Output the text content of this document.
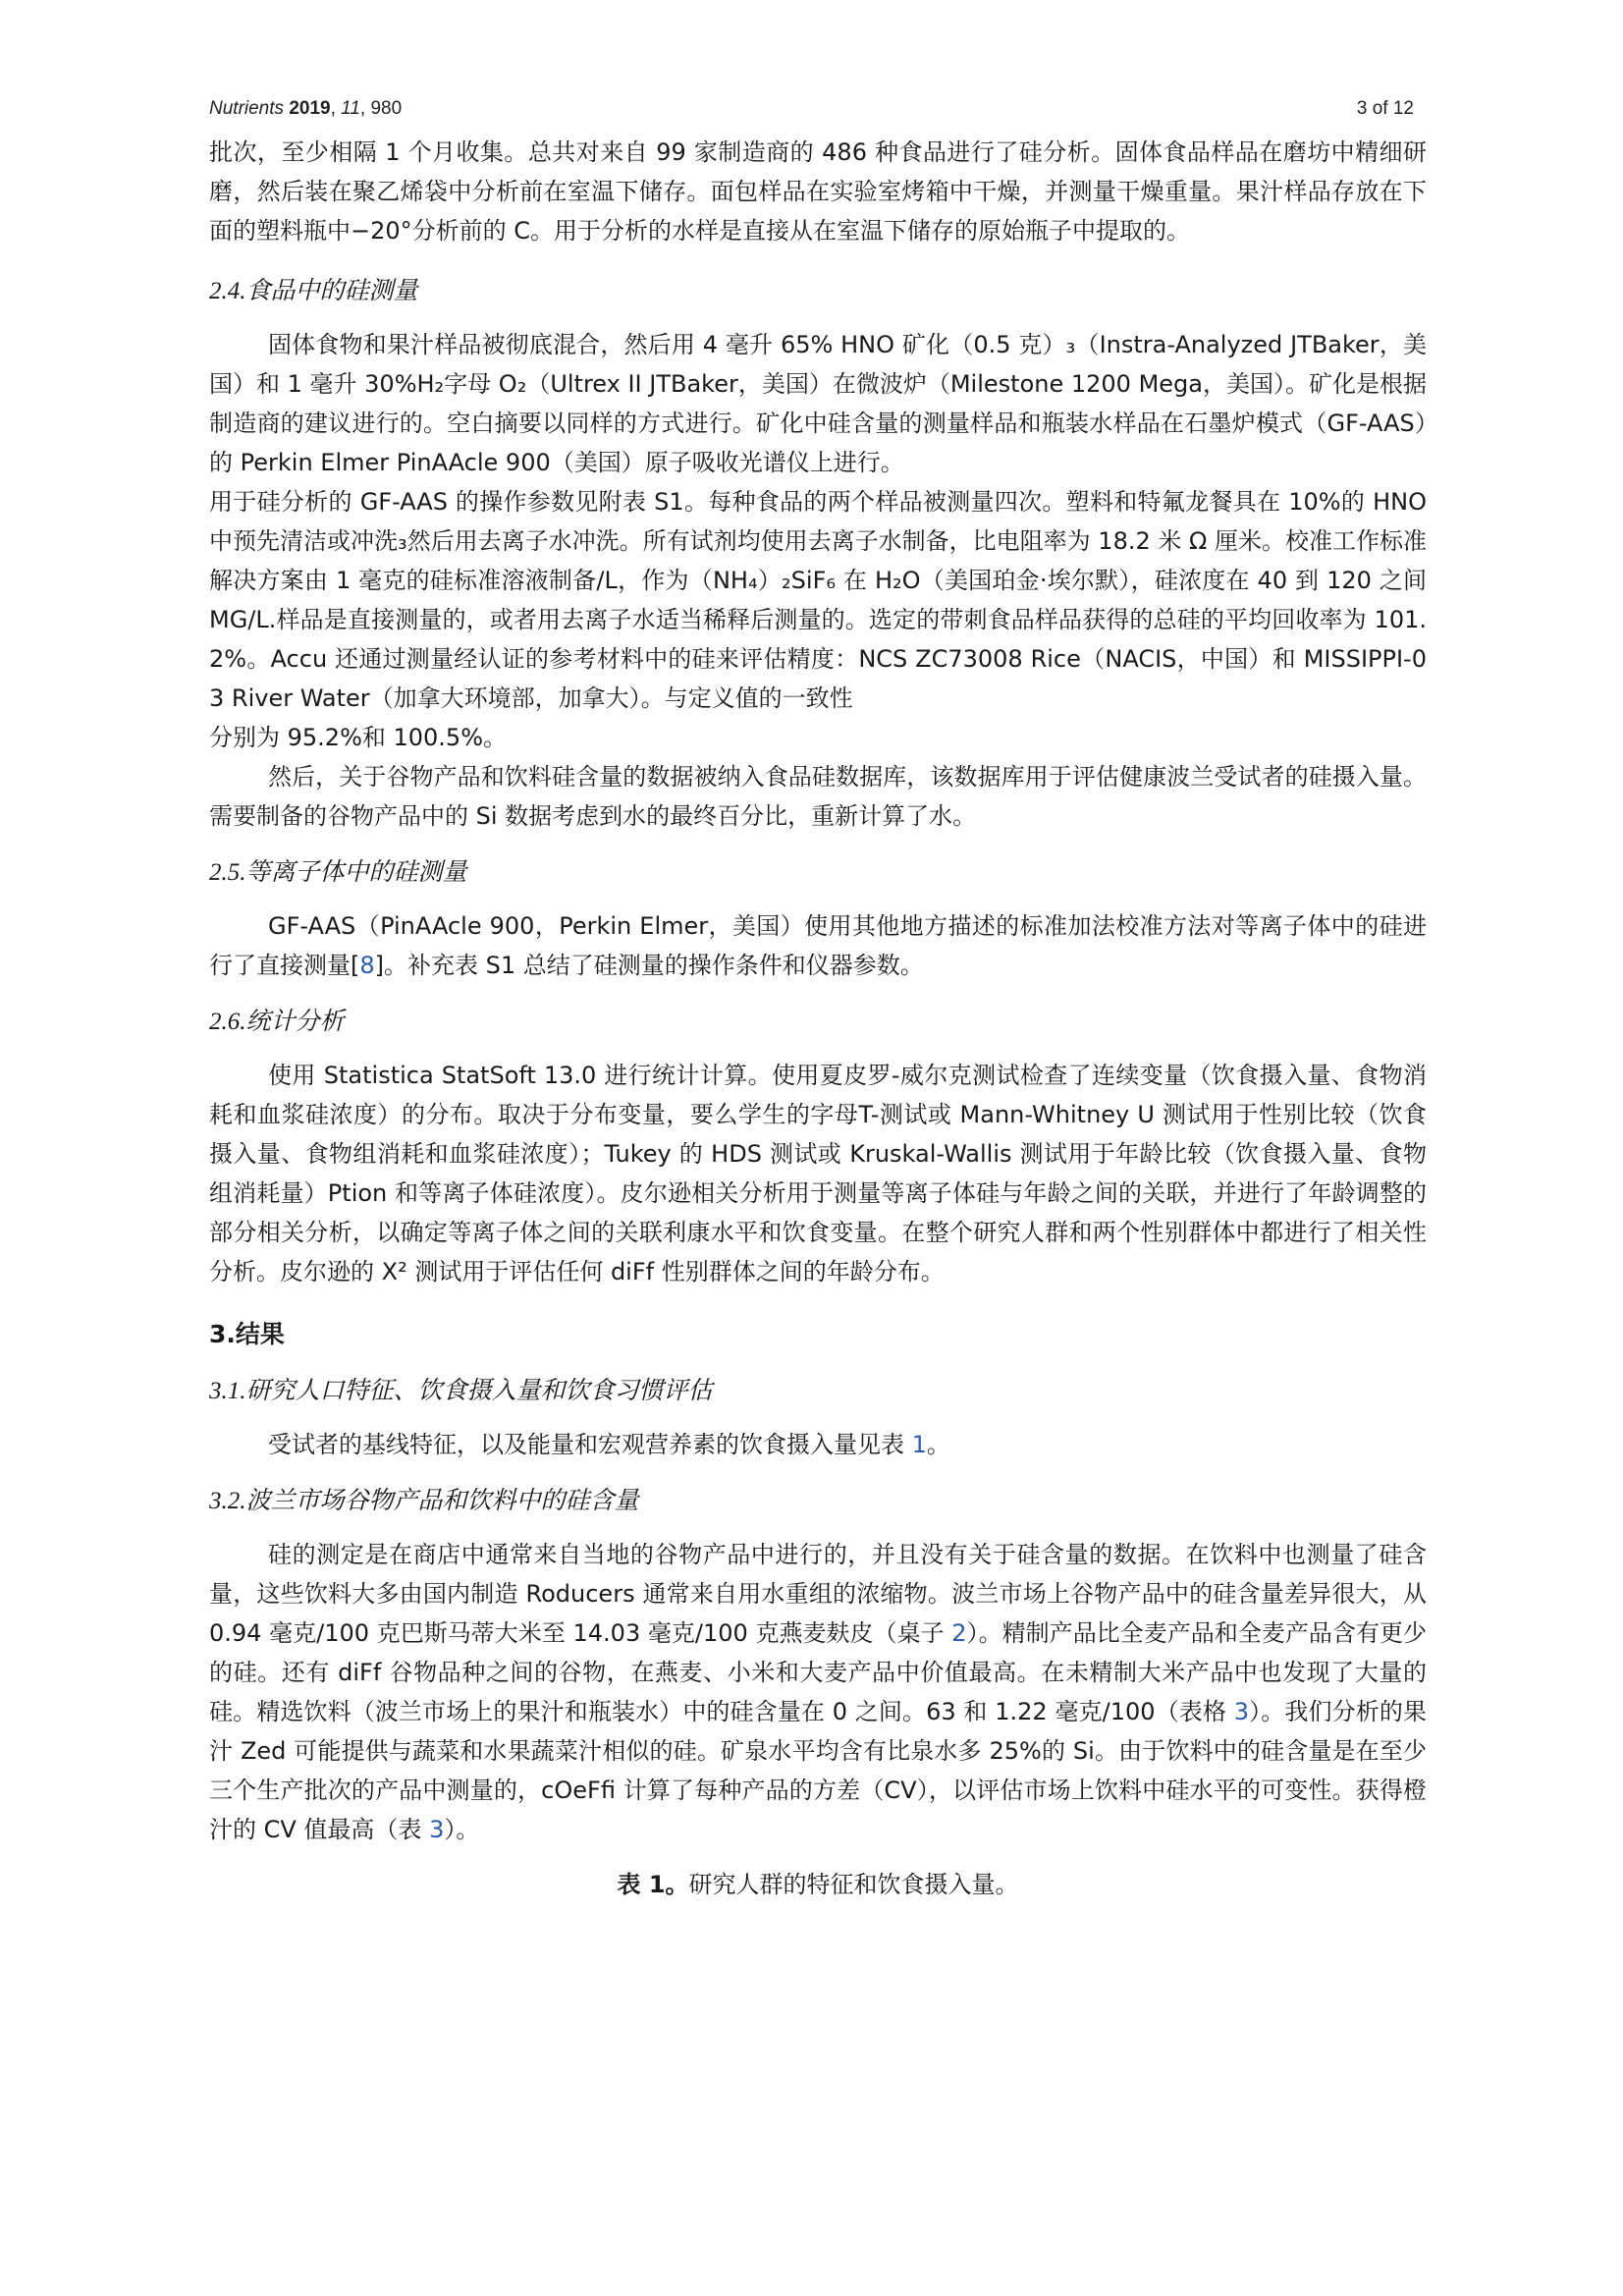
Nutrients 2019, 11, 980	3 of 12

批次，至少相隔 1 个月收集。总共对来自 99 家制造商的 486 种食品进行了硅分析。固体食品样品在磨坊中精细研磨，然后装在聚乙烯袋中分析前在室温下储存。面包样品在实验室烤箱中干燥，并测量干燥重量。果汁样品存放在下面的塑料瓶中−20°分析前的 C。用于分析的水样是直接从在室温下储存的原始瓶子中提取的。

2.4.食品中的硅测量

固体食物和果汁样品被彻底混合，然后用 4 毫升 65% HNO 矿化（0.5 克）₃（Instra-Analyzed JTBaker，美国）和 1 毫升 30%H₂字母 O₂（Ultrex II JTBaker，美国）在微波炉（Milestone 1200 Mega，美国）。矿化是根据制造商的建议进行的。空白摘要以同样的方式进行。矿化中硅含量的测量样品和瓶装水样品在石墨炉模式（GF-AAS）的 Perkin Elmer PinAAcle 900（美国）原子吸收光谱仪上进行。

用于硅分析的 GF-AAS 的操作参数见附表 S1。每种食品的两个样品被测量四次。塑料和特氟龙餐具在 10%的 HNO 中预先清洁或冲洗₃然后用去离子水冲洗。所有试剂均使用去离子水制备，比电阻率为 18.2 米 Ω 厘米。校准工作标准解决方案由 1 毫克的硅标准溶液制备/L，作为（NH₄）₂SiF₆ 在 H₂O（美国珀金·埃尔默），硅浓度在 40 到 120 之间 MG/L.样品是直接测量的，或者用去离子水适当稀释后测量的。选定的带刺食品样品获得的总硅的平均回收率为 101.2%。Accu 还通过测量经认证的参考材料中的硅来评估精度：NCS ZC73008 Rice（NACIS，中国）和 MISSIPPI-03 River Water（加拿大环境部，加拿大）。与定义值的一致性

分别为 95.2%和 100.5%。

然后，关于谷物产品和饮料硅含量的数据被纳入食品硅数据库，该数据库用于评估健康波兰受试者的硅摄入量。需要制备的谷物产品中的 Si 数据考虑到水的最终百分比，重新计算了水。

2.5.等离子体中的硅测量

GF-AAS（PinAAcle 900，Perkin Elmer，美国）使用其他地方描述的标准加法校准方法对等离子体中的硅进行了直接测量[8]。补充表 S1 总结了硅测量的操作条件和仪器参数。

2.6.统计分析

使用 Statistica StatSoft 13.0 进行统计计算。使用夏皮罗-威尔克测试检查了连续变量（饮食摄入量、食物消耗和血浆硅浓度）的分布。取决于分布变量，要么学生的字母T-测试或 Mann-Whitney U 测试用于性别比较（饮食摄入量、食物组消耗和血浆硅浓度）；Tukey 的 HDS 测试或 Kruskal-Wallis 测试用于年龄比较（饮食摄入量、食物组消耗量）Ption 和等离子体硅浓度）。皮尔逊相关分析用于测量等离子体硅与年龄之间的关联，并进行了年龄调整的部分相关分析，以确定等离子体之间的关联利康水平和饮食变量。在整个研究人群和两个性别群体中都进行了相关性分析。皮尔逊的 X² 测试用于评估任何 diFf 性别群体之间的年龄分布。

3.结果
3.1.研究人口特征、饮食摄入量和饮食习惯评估

受试者的基线特征，以及能量和宏观营养素的饮食摄入量见表 1。

3.2.波兰市场谷物产品和饮料中的硅含量

硅的测定是在商店中通常来自当地的谷物产品中进行的，并且没有关于硅含量的数据。在饮料中也测量了硅含量，这些饮料大多由国内制造 Roducers 通常来自用水重组的浓缩物。波兰市场上谷物产品中的硅含量差异很大，从 0.94 毫克/100 克巴斯马蒂大米至 14.03 毫克/100 克燕麦麸皮（桌子 2）。精制产品比全麦产品和全麦产品含有更少的硅。还有 diFf 谷物品种之间的谷物，在燕麦、小米和大麦产品中价值最高。在未精制大米产品中也发现了大量的硅。精选饮料（波兰市场上的果汁和瓶装水）中的硅含量在 0 之间。63 和 1.22 毫克/100（表格 3）。我们分析的果汁 Zed 可能提供与蔬菜和水果蔬菜汁相似的硅。矿泉水平均含有比泉水多 25%的 Si。由于饮料中的硅含量是在至少三个生产批次的产品中测量的，cOeFfi 计算了每种产品的方差（CV），以评估市场上饮料中硅水平的可变性。获得橙汁的 CV 值最高（表 3）。

表 1。研究人群的特征和饮食摄入量。
